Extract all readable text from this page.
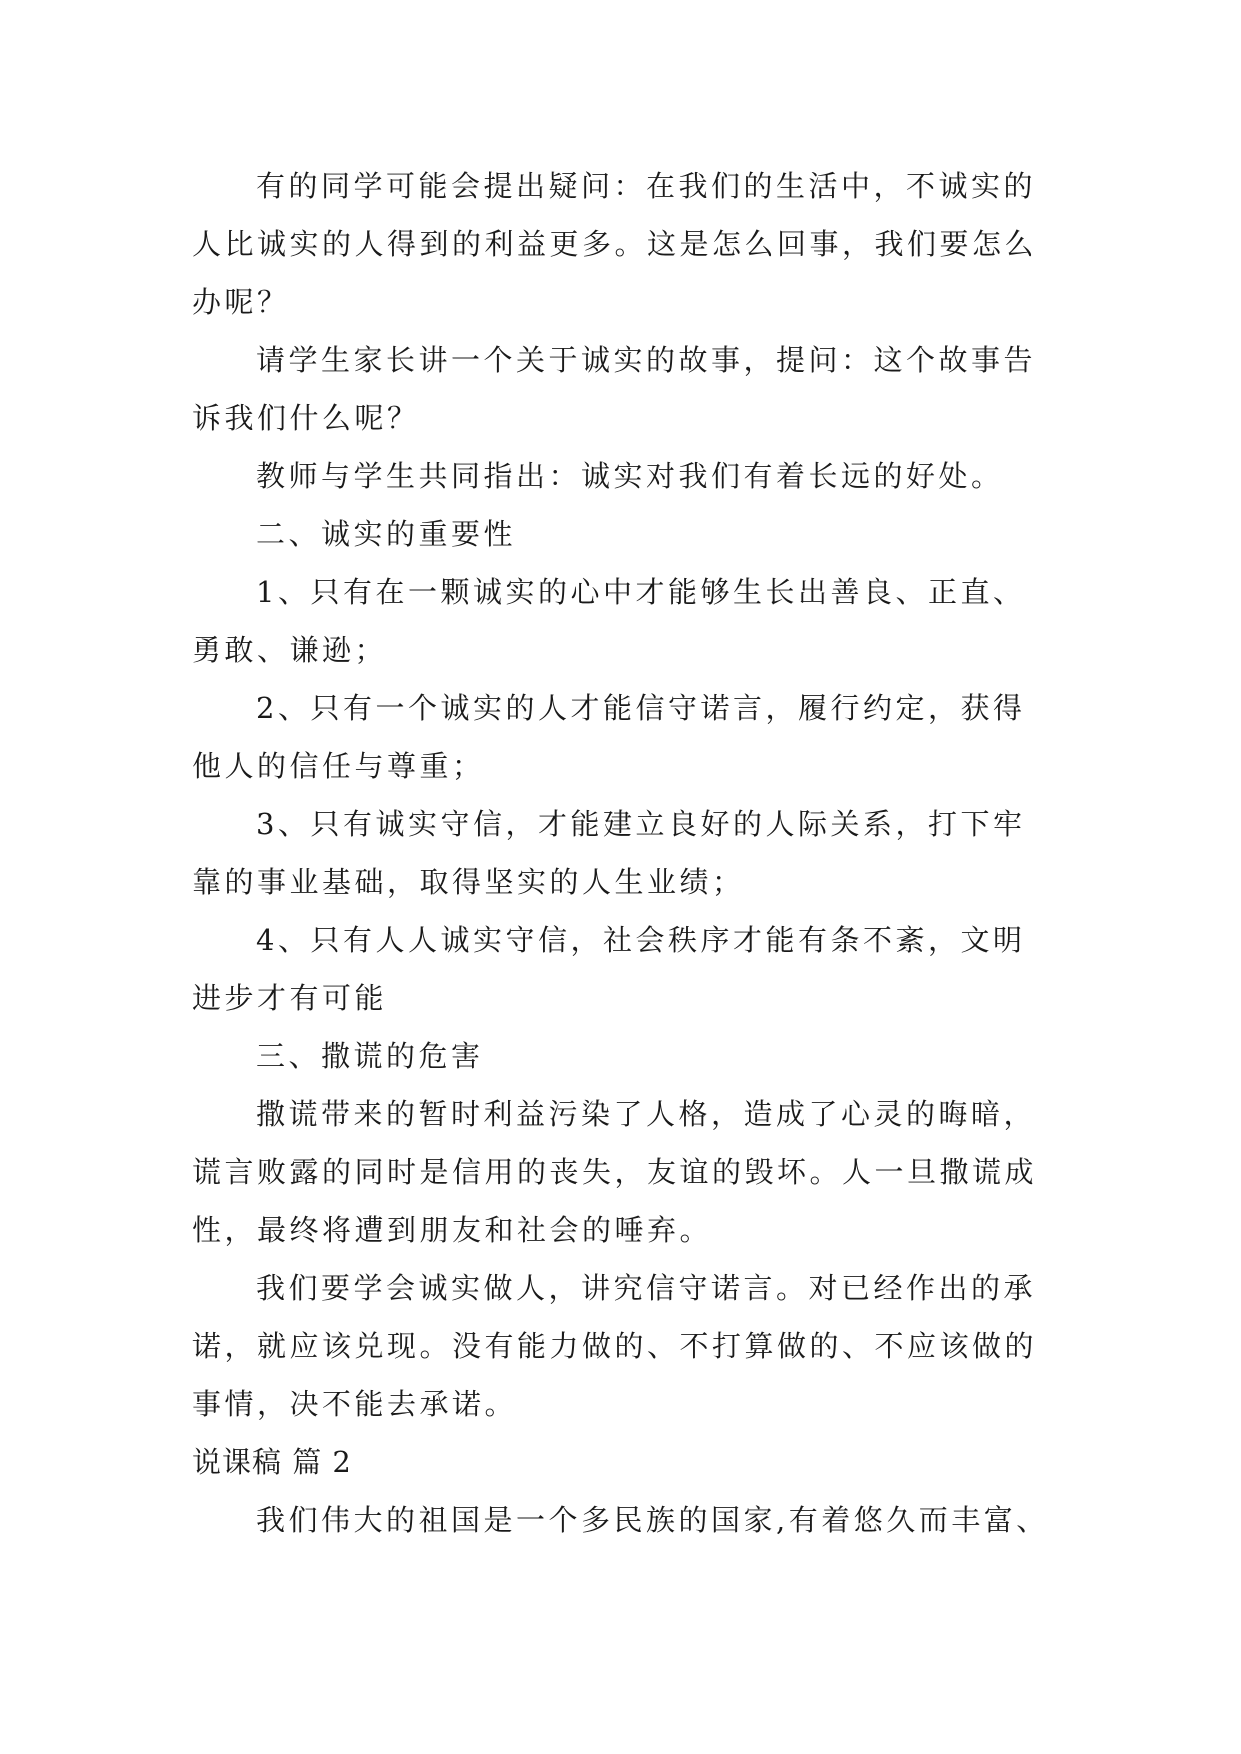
有的同学可能会提出疑问：在我们的生活中，不诚实的

人比诚实的人得到的利益更多。这是怎么回事，我们要怎么

办呢？

请学生家长讲一个关于诚实的故事，提问：这个故事告

诉我们什么呢？

教师与学生共同指出：诚实对我们有着长远的好处。

二、诚实的重要性

1、只有在一颗诚实的心中才能够生长出善良、正直、

勇敢、谦逊；

2、只有一个诚实的人才能信守诺言，履行约定，获得

他人的信任与尊重；

3、只有诚实守信，才能建立良好的人际关系，打下牢

靠的事业基础，取得坚实的人生业绩；

4、只有人人诚实守信，社会秩序才能有条不紊，文明

进步才有可能

三、撒谎的危害

撒谎带来的暂时利益污染了人格，造成了心灵的晦暗，

谎言败露的同时是信用的丧失，友谊的毁坏。人一旦撒谎成

性，最终将遭到朋友和社会的唾弃。

我们要学会诚实做人，讲究信守诺言。对已经作出的承

诺，就应该兑现。没有能力做的、不打算做的、不应该做的

事情，决不能去承诺。

说课稿 篇 2

我们伟大的祖国是一个多民族的国家,有着悠久而丰富、
